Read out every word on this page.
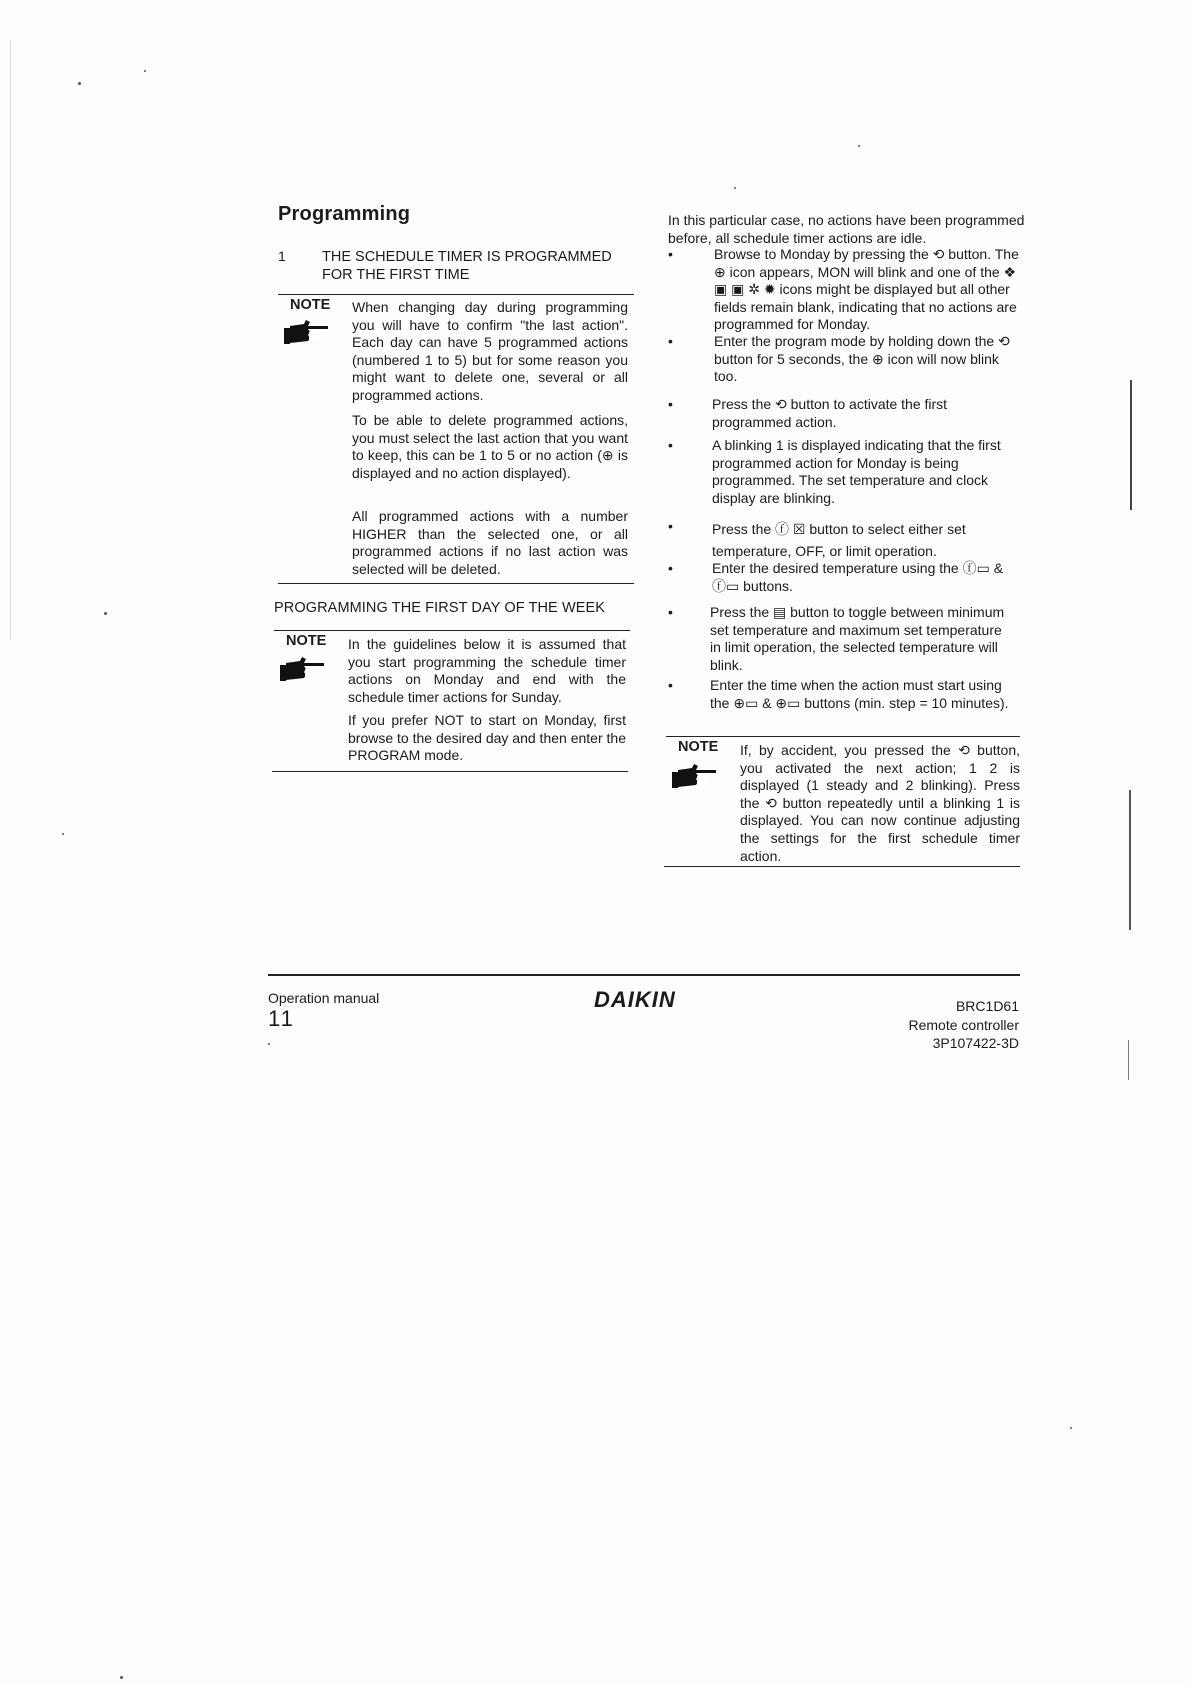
Programming
1 THE SCHEDULE TIMER IS PROGRAMMED FOR THE FIRST TIME
NOTE When changing day during programming you will have to confirm "the last action". Each day can have 5 programmed actions (numbered 1 to 5) but for some reason you might want to delete one, several or all programmed actions.

To be able to delete programmed actions, you must select the last action that you want to keep, this can be 1 to 5 or no action (⊕ is displayed and no action displayed).

All programmed actions with a number HIGHER than the selected one, or all programmed actions if no last action was selected will be deleted.

PROGRAMMING THE FIRST DAY OF THE WEEK
NOTE In the guidelines below it is assumed that you start programming the schedule timer actions on Monday and end with the schedule timer actions for Sunday.

If you prefer NOT to start on Monday, first browse to the desired day and then enter the PROGRAM mode.

In this particular case, no actions have been programmed before, all schedule timer actions are idle.

•	Browse to Monday by pressing the ⟲ button. The ⊕ icon appears, MON will blink and one of the ❖ ▣ ▣ ✲ ✹ icons might be displayed but all other fields remain blank, indicating that no actions are programmed for Monday.

•	Enter the program mode by holding down the ⟲ button for 5 seconds, the ⊕ icon will now blink too.

•	Press the ⟲ button to activate the first programmed action.

•	A blinking 1 is displayed indicating that the first programmed action for Monday is being programmed. The set temperature and clock display are blinking.

•	Press the ⓕ ☒ button to select either set temperature, OFF, or limit operation.

•	Enter the desired temperature using the ⓕ▭ & ⓕ▭ buttons.

•	Press the ▤ button to toggle between minimum set temperature and maximum set temperature in limit operation, the selected temperature will blink.

•	Enter the time when the action must start using the ⊕▭ & ⊕▭ buttons (min. step = 10 minutes).

NOTE If, by accident, you pressed the ⟲ button, you activated the next action; 1 2 is displayed (1 steady and 2 blinking). Press the ⟲ button repeatedly until a blinking 1 is displayed. You can now continue adjusting the settings for the first schedule timer action.

Operation manual
11
DAIKIN	BRC1D61
Remote controller
3P107422-3D
